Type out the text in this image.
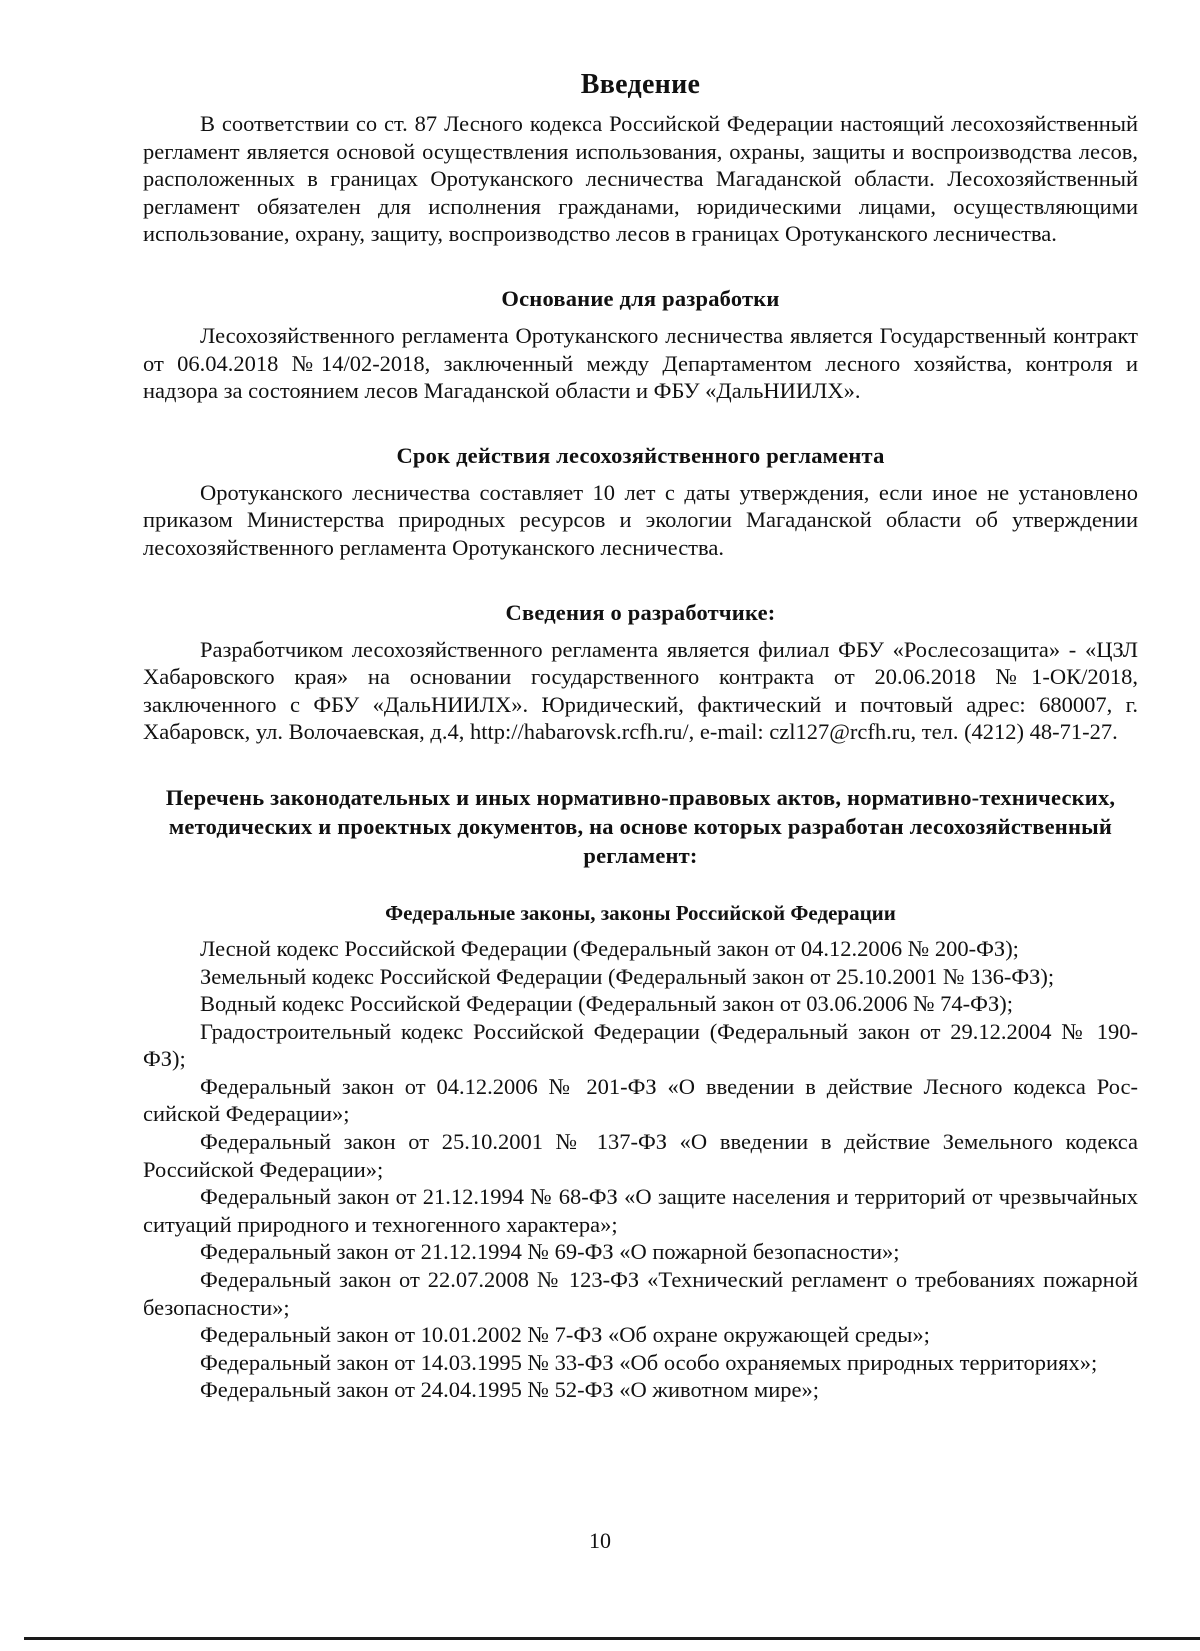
Введение

В соответствии со ст. 87 Лесного кодекса Российской Федерации настоящий лесохозяйственный регламент является основой осуществления использования, охраны, защиты и воспроизводства лесов, расположенных в границах Оротуканского лесничества Магаданской области. Лесохозяйственный регламент обязателен для исполнения гражданами, юридическими лицами, осуществляющими использование, охрану, защиту, воспроизводство лесов в границах Оротуканского лесничества.

Основание для разработки

Лесохозяйственного регламента Оротуканского лесничества является Государственный контракт от 06.04.2018 №14/02-2018, заключенный между Департаментом лесного хозяйства, контроля и надзора за состоянием лесов Магаданской области и ФБУ «ДальНИИЛХ».

Срок действия лесохозяйственного регламента

Оротуканского лесничества составляет 10 лет с даты утверждения, если иное не установлено приказом Министерства природных ресурсов и экологии Магаданской области об утверждении лесохозяйственного регламента Оротуканского лесничества.

Сведения о разработчике:

Разработчиком лесохозяйственного регламента является филиал ФБУ «Рослесозащита» - «ЦЗЛ Хабаровского края» на основании государственного контракта от 20.06.2018 №1-ОК/2018, заключенного с ФБУ «ДальНИИЛХ». Юридический, фактический и почтовый адрес: 680007, г. Хабаровск, ул. Волочаевская, д.4, http://habarovsk.rcfh.ru/, e-mail: czl127@rcfh.ru, тел. (4212) 48-71-27.

Перечень законодательных и иных нормативно-правовых актов, нормативно-технических, методических и проектных документов, на основе которых разработан лесохозяйственный регламент:
Федеральные законы, законы Российской Федерации

Лесной кодекс Российской Федерации (Федеральный закон от 04.12.2006 № 200-ФЗ);

Земельный кодекс Российской Федерации (Федеральный закон от 25.10.2001 № 136-ФЗ);

Водный кодекс Российской Федерации (Федеральный закон от 03.06.2006 № 74-ФЗ);

Градостроительный кодекс Российской Федерации (Федеральный закон от 29.12.2004 № 190-ФЗ);

Федеральный закон от 04.12.2006 № 201-ФЗ «О введении в действие Лесного кодекса Российской Федерации»;

Федеральный закон от 25.10.2001 № 137-ФЗ «О введении в действие Земельного кодекса Российской Федерации»;

Федеральный закон от 21.12.1994 № 68-ФЗ «О защите населения и территорий от чрезвычайных ситуаций природного и техногенного характера»;

Федеральный закон от 21.12.1994 № 69-ФЗ «О пожарной безопасности»;

Федеральный закон от 22.07.2008 № 123-ФЗ «Технический регламент о требованиях пожарной безопасности»;

Федеральный закон от 10.01.2002 № 7-ФЗ «Об охране окружающей среды»;

Федеральный закон от 14.03.1995 № 33-ФЗ «Об особо охраняемых природных территориях»;

Федеральный закон от 24.04.1995 № 52-ФЗ «О животном мире»;

10
